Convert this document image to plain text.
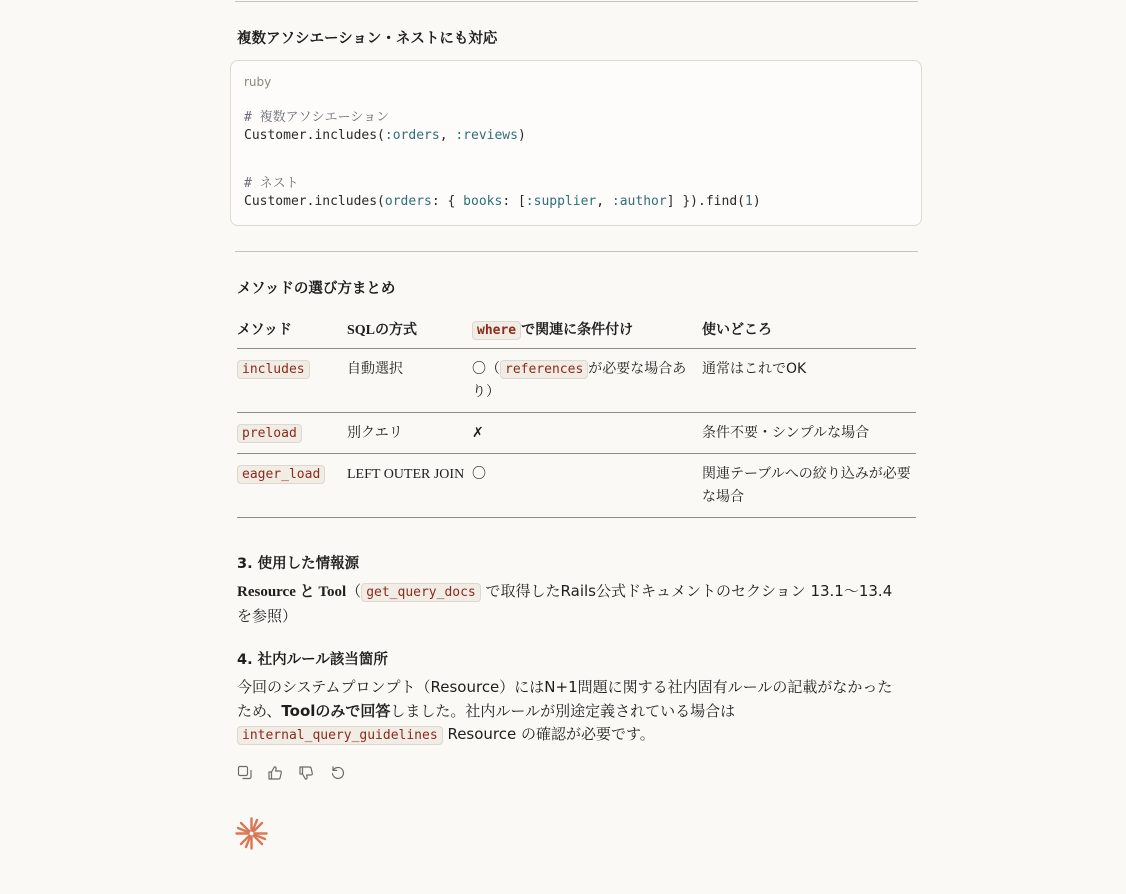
複数アソシエーション・ネストにも対応
ruby
# 複数アソシエーション
Customer.includes(:orders, :reviews)
# ネスト
Customer.includes(orders: { books: [:supplier, :author] }).find(1)
メソッドの選び方まとめ
メソッド	SQLの方式	where で関連に条件付け	使いどころ
includes	自動選択	〇（ references が必要な場合あり）	通常はこれでOK
preload	別クエリ	✗	条件不要・シンプルな場合
eager_load	LEFT OUTER JOIN	〇	関連テーブルへの絞り込みが必要な場合
3. 使用した情報源
Resource と Tool（ get_query_docs で取得したRails公式ドキュメントのセクション 13.1〜13.4 を参照）
4. 社内ルール該当箇所
今回のシステムプロンプト（Resource）にはN+1問題に関する社内固有ルールの記載がなかったため、Toolのみで回答しました。社内ルールが別途定義されている場合は
internal_query_guidelines Resource の確認が必要です。
